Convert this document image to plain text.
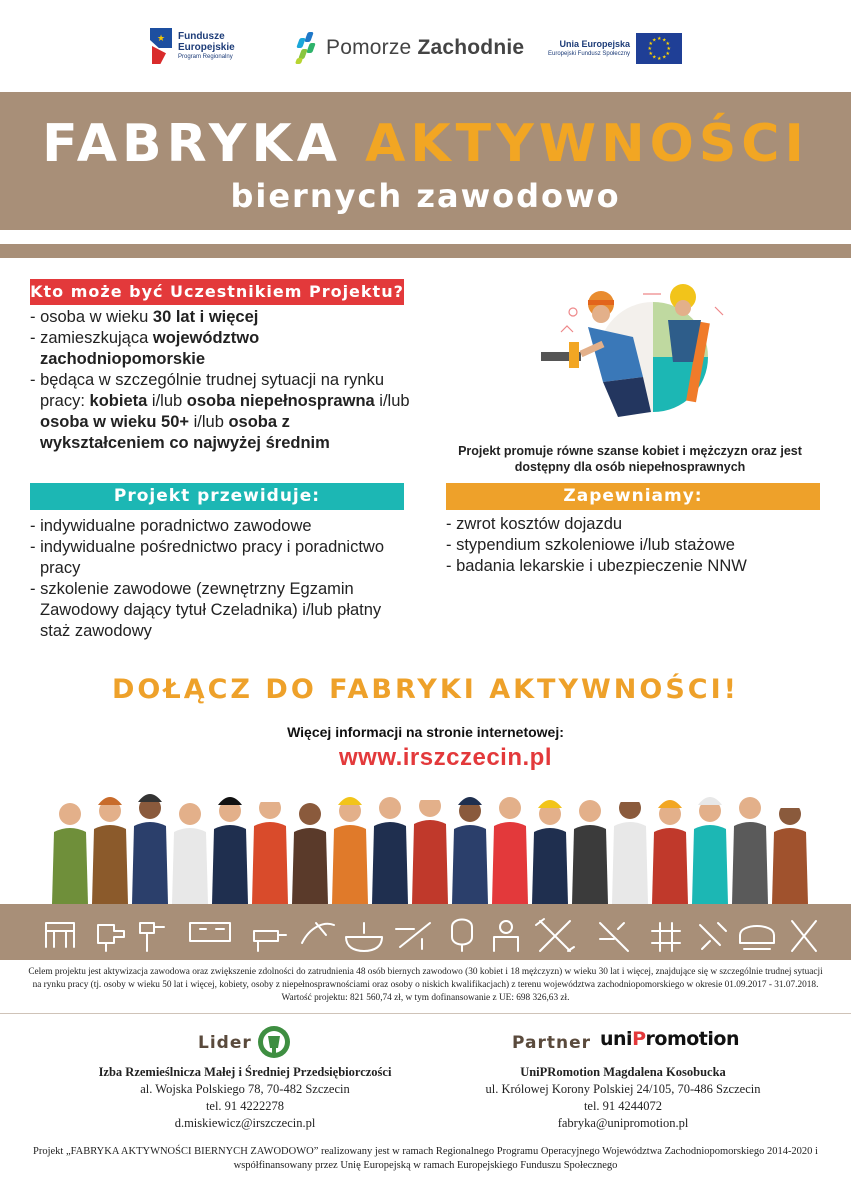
★ Fundusze
Europejskie
Program Regionalny	Pomorze Zachodnie	Unia Europejska
Europejski Fundusz Społeczny
★ ★
★
★
★
★
★
★
★
★
★
★
FABRYKA AKTYWNOŚCI
biernych zawodowo
Kto może być Uczestnikiem Projektu?
- osoba w wieku 30 lat i więcej
- zamieszkująca województwo zachodniopomorskie
- będąca w szczególnie trudnej sytuacji na rynku pracy: kobieta i/lub osoba niepełnosprawna i/lub osoba w wieku 50+ i/lub osoba z wykształceniem co najwyżej średnim	Projekt promuje równe szanse kobiet i mężczyzn oraz jest dostępny dla osób niepełnosprawnych
Projekt przewiduje:
- indywidualne poradnictwo zawodowe
- indywidualne pośrednictwo pracy i poradnictwo pracy
- szkolenie zawodowe (zewnętrzny Egzamin Zawodowy dający tytuł Czeladnika) i/lub płatny staż zawodowy
Zapewniamy:
- zwrot kosztów dojazdu
- stypendium szkoleniowe i/lub stażowe
- badania lekarskie i ubezpieczenie NNW
DOŁĄCZ DO FABRYKI AKTYWNOŚCI!
Więcej informacji na stronie internetowej:
www.irszczecin.pl
Celem projektu jest aktywizacja zawodowa oraz zwiększenie zdolności do zatrudnienia 48 osób biernych zawodowo (30 kobiet i 18 mężczyzn) w wieku 30 lat i więcej, znajdujące się w szczególnie trudnej sytuacji na rynku pracy (tj. osoby w wieku 50 lat i więcej, kobiety, osoby z niepełnosprawnościami oraz osoby o niskich kwalifikacjach) z terenu województwa zachodniopomorskiego w okresie 01.09.2017 - 31.07.2018. Wartość projektu: 821 560,74 zł, w tym dofinansowanie z UE: 698 326,63 zł.
Lider	Partner uniPromotion
Izba Rzemieślnicza Małej i Średniej Przedsiębiorczości
al. Wojska Polskiego 78, 70-482 Szczecin
tel. 91 4222278
d.miskiewicz@irszczecin.pl
UniPRomotion Magdalena Kosobucka
ul. Królowej Korony Polskiej 24/105, 70-486 Szczecin
tel. 91 4244072
fabryka@unipromotion.pl
Projekt „FABRYKA AKTYWNOŚCI BIERNYCH ZAWODOWO” realizowany jest w ramach Regionalnego Programu Operacyjnego Województwa Zachodniopomorskiego 2014-2020 i współfinansowany przez Unię Europejską w ramach Europejskiego Funduszu Społecznego
